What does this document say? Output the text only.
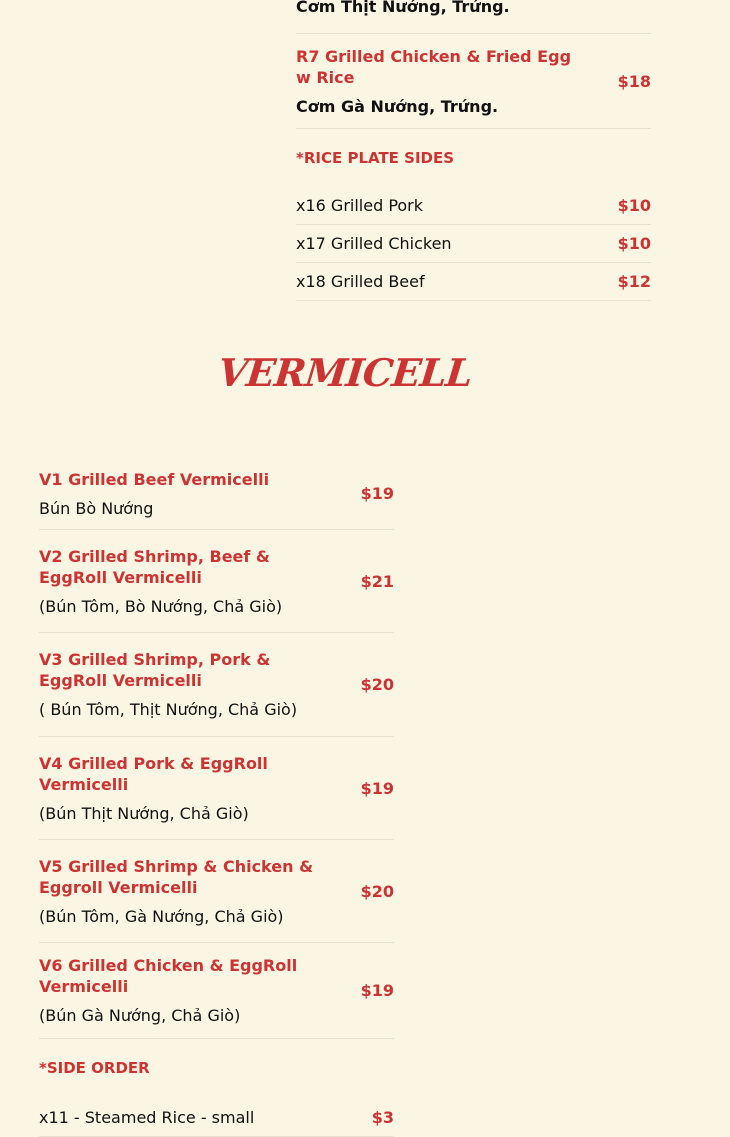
Cơm Thịt Nướng, Trứng.
R7 Grilled Chicken & Fried Egg w Rice
Cơm Gà Nướng, Trứng.
$18
*RICE PLATE SIDES
x16 Grilled Pork	$10
x17 Grilled Chicken	$10
x18 Grilled Beef	$12
VERMICELL
V1 Grilled Beef Vermicelli
Bún Bò Nướng
$19
V2 Grilled Shrimp, Beef & EggRoll Vermicelli
(Bún Tôm, Bò Nướng, Chả Giò)
$21
V3 Grilled Shrimp, Pork & EggRoll Vermicelli
( Bún Tôm, Thịt Nướng, Chả Giò)
$20
V4 Grilled Pork & EggRoll Vermicelli
(Bún Thịt Nướng, Chả Giò)
$19
V5 Grilled Shrimp & Chicken & Eggroll Vermicelli
(Bún Tôm, Gà Nướng, Chả Giò)
$20
V6 Grilled Chicken & EggRoll Vermicelli
(Bún Gà Nướng, Chả Giò)
$19
*SIDE ORDER
x11 - Steamed Rice - small	$3
